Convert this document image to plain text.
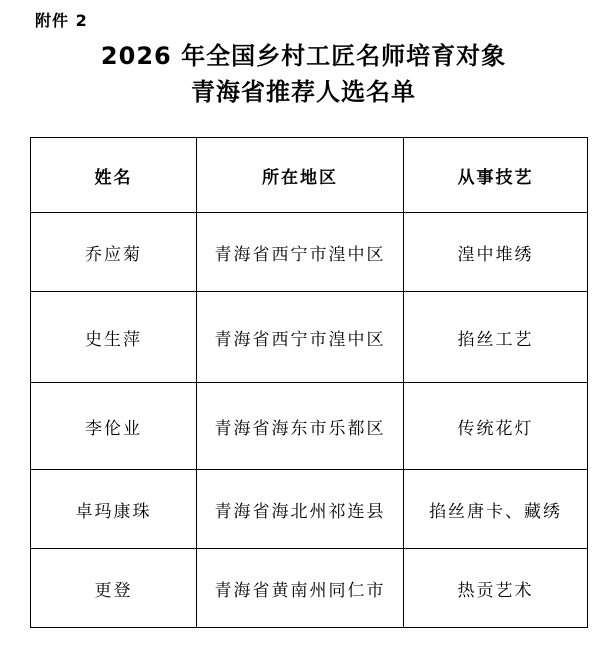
附件 2
2026 年全国乡村工匠名师培育对象
青海省推荐人选名单
姓名	所在地区	从事技艺
乔应菊	青海省西宁市湟中区	湟中堆绣
史生萍	青海省西宁市湟中区	掐丝工艺
李伦业	青海省海东市乐都区	传统花灯
卓玛康珠	青海省海北州祁连县	掐丝唐卡、藏绣
更登	青海省黄南州同仁市	热贡艺术
